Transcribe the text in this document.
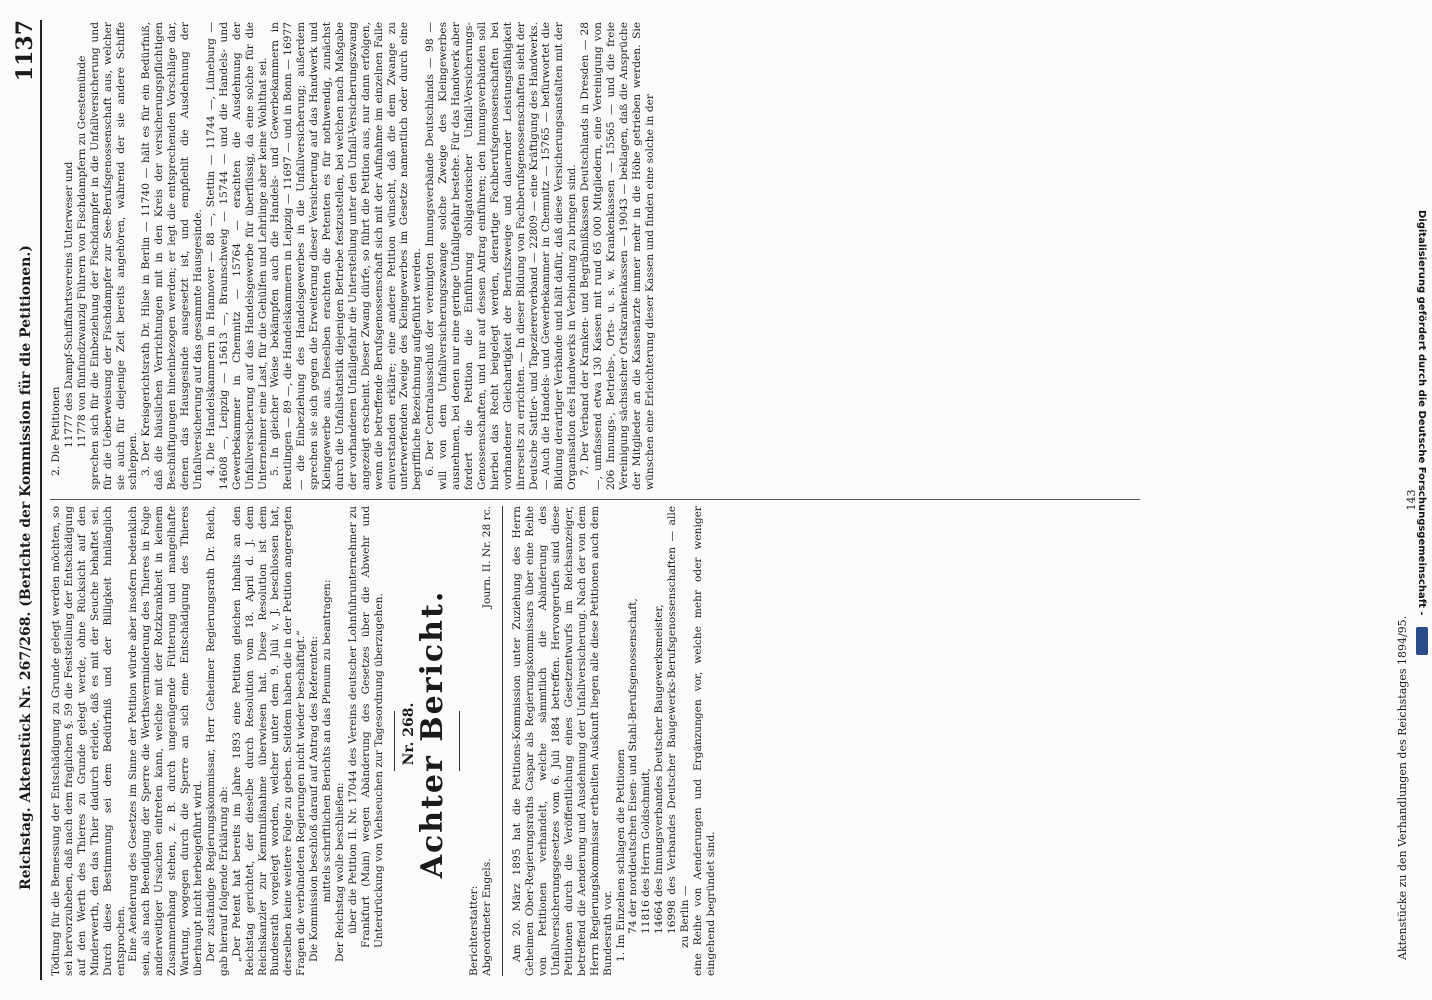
Reichstag. Aktenstück Nr. 267/268. (Berichte der Kommission für die Petitionen.)
1137

Tödtung für die Bemessung der Entschädigung zu Grunde gelegt werden möchten, so sei hervorzuheben, daß nach dem fraglichen §. 59 die Feststellung der Entschädigung auf den Werth des Thieres zu Grunde gelegt werde, ohne Rücksicht auf den Minderwerth, den das Thier dadurch erleide, daß es mit der Seuche behaftet sei. Durch diese Bestimmung sei dem Bedürfniß und der Billigkeit hinlänglich entsprochen. Eine Aenderung des Gesetzes im Sinne der Petition würde aber insofern bedenklich sein, als nach Beendigung der Sperre die Werthsverminderung des Thieres in Folge anderweitiger Ursachen eintreten kann, welche mit der Rotzkrankheit in keinem Zusammenhang stehen, z. B. durch ungenügende Fütterung und mangelhafte Wartung, wogegen durch die Sperre an sich eine Entschädigung des Thieres überhaupt nicht herbeigeführt wird. Der zuständige Regierungskommissar, Herr Geheimer Regierungsrath Dr. Reich, gab hierauf folgende Erklärung ab: „Der Petent hat bereits im Jahre 1893 eine Petition gleichen Inhalts an den Reichstag gerichtet, der dieselbe durch Resolution vom 18. April d. J. dem Reichskanzler zur Kenntnißnahme überwiesen hat. Diese Resolution ist dem Bundesrath vorgelegt worden, welcher unter dem 9. Juli v. J. beschlossen hat, derselben keine weitere Folge zu geben. Seitdem haben die in der Petition angeregten Fragen die verbündeten Regierungen nicht wieder beschäftigt.“ Die Kommission beschloß darauf auf Antrag des Referenten: mittels schriftlichen Berichts an das Plenum zu beantragen: Der Reichstag wolle beschließen: über die Petition II. Nr. 17044 des Vereins deutscher Lohnfuhrunternehmer zu Frankfurt (Main) wegen Abänderung des Gesetzes über die Abwehr und Unterdrückung von Viehseuchen zur Tagesordnung überzugehen. Nr. 268.

Achter Bericht.

Berichterstatter: Abgeordneter Engels.
Journ. II. Nr. 28 rc. Am 20. März 1895 hat die Petitions-Kommission unter Zuziehung des Herrn Geheimen Ober-Regierungsraths Caspar als Regierungskommissars über eine Reihe von Petitionen verhandelt, welche sämmtlich die Abänderung des Unfallversicherungsgesetzes vom 6. Juli 1884 betreffen. Hervorgerufen sind diese Petitionen durch die Veröffentlichung eines Gesetzentwurfs im Reichsanzeiger, betreffend die Aenderung und Ausdehnung der Unfallversicherung. Nach der von dem Herrn Regierungskommissar ertheilten Auskunft liegen alle diese Petitionen auch dem Bundesrath vor. 1. Im Einzelnen schlagen die Petitionen 74 der norddeutschen Eisen- und Stahl-Berufsgenossenschaft, 11816 des Herrn Goldschmidt, 14664 des Innungsverbandes Deutscher Baugewerksmeister, 16998 des Verbandes Deutscher Baugewerks-Berufsgenossenschaften — alle zu Berlin — eine Reihe von Aenderungen und Ergänzungen vor, welche mehr oder weniger eingehend begründet sind.

2. Die Petitionen 11777 des Dampf-Schiffahrtsvereins Unterweser und 11778 von fünfundzwanzig Führern von Fischdampfern zu Geestemünde sprechen sich für die Einbeziehung der Fischdampfer in die Unfallversicherung und für die Ueberweisung der Fischdampfer zur See-Berufsgenossenschaft aus, welcher sie auch für diejenige Zeit bereits angehören, während der sie andere Schiffe schleppen. 3. Der Kreisgerichtsrath Dr. Hilse in Berlin — 11740 — hält es für ein Bedürfniß, daß die häuslichen Verrichtungen mit in den Kreis der versicherungspflichtigen Beschäftigungen hineinbezogen werden; er legt die entsprechenden Vorschläge dar, denen das Hausgesinde ausgesetzt ist, und empfiehlt die Ausdehnung der Unfallversicherung auf das gesammte Hausgesinde. 4. Die Handelskammern in Hannover — 88 —, Stettin — 11744 —, Lüneburg — 14608 —, Leipzig — 15613 —, Braunschweig — 15744 — und die Handels- und Gewerbekammer in Chemnitz — 15764 — erachten die Ausdehnung der Unfallversicherung auf das Handelsgewerbe für überflüssig, da eine solche für die Unternehmer eine Last, für die Gehülfen und Lehrlinge aber keine Wohlthat sei. 5. In gleicher Weise bekämpfen auch die Handels- und Gewerbekammern in Reutlingen — 89 —, die Handelskammern in Leipzig — 11697 — und in Bonn — 16977 — die Einbeziehung des Handelsgewerbes in die Unfallversicherung; außerdem sprechen sie sich gegen die Erweiterung dieser Versicherung auf das Handwerk und Kleingewerbe aus. Dieselben erachten die Petenten es für nothwendig, zunächst durch die Unfallstatistik diejenigen Betriebe festzustellen, bei welchen nach Maßgabe der vorhandenen Unfallgefahr die Unterstellung unter den Unfall-Versicherungszwang angezeigt erscheint. Dieser Zwang dürfe, so führt die Petition aus, nur dann erfolgen, wenn die betreffende Berufsgenossenschaft sich mit der Aufnahme im einzelnen Falle einverstanden erkläre; eine andere Petition wünscht, daß die dem Zwange zu unterwerfenden Zweige des Kleingewerbes im Gesetze namentlich oder durch eine begriffliche Bezeichnung aufgeführt werden. 6. Der Centralausschuß der vereinigten Innungsverbände Deutschlands — 98 — will von dem Unfallversicherungszwange solche Zweige des Kleingewerbes ausnehmen, bei denen nur eine geringe Unfallgefahr bestehe. Für das Handwerk aber fordert die Petition die Einführung obligatorischer Unfall-Versicherungs-Genossenschaften, und nur auf dessen Antrag einführen; den Innungsverbänden soll hierbei das Recht beigelegt werden, derartige Fachberufsgenossenschaften bei vorhandener Gleichartigkeit der Berufszweige und dauernder Leistungsfähigkeit ihrerseits zu errichten. — In dieser Bildung von Fachberufsgenossenschaften sieht der Deutsche Sattler- und Tapeziererverband — 22809 — eine Kräftigung des Handwerks. — Auch die Handels- und Gewerbekammer in Chemnitz — 15765 — befürwortet die Bildung derartiger Verbände und hält dafür, daß diese Versicherungsanstalten mit der Organisation des Handwerks in Verbindung zu bringen sind. 7. Der Verband der Kranken- und Begräbnißkassen Deutschlands in Dresden — 28 —, umfassend etwa 130 Kassen mit rund 65 000 Mitgliedern, eine Vereinigung von 206 Innungs-, Betriebs-, Orts- u. s. w. Krankenkassen — 15565 — und die freie Vereinigung sächsischer Ortskrankenkassen — 19043 — beklagen, daß die Ansprüche der Mitglieder an die Kassenärzte immer mehr in die Höhe getrieben werden. Sie wünschen eine Erleichterung dieser Kassen und finden eine solche in der

Aktenstücke zu den Verhandlungen des Reichstages 1894/95.
143
Digitalisierung gefördert durch die Deutsche Forschungsgemeinschaft -
